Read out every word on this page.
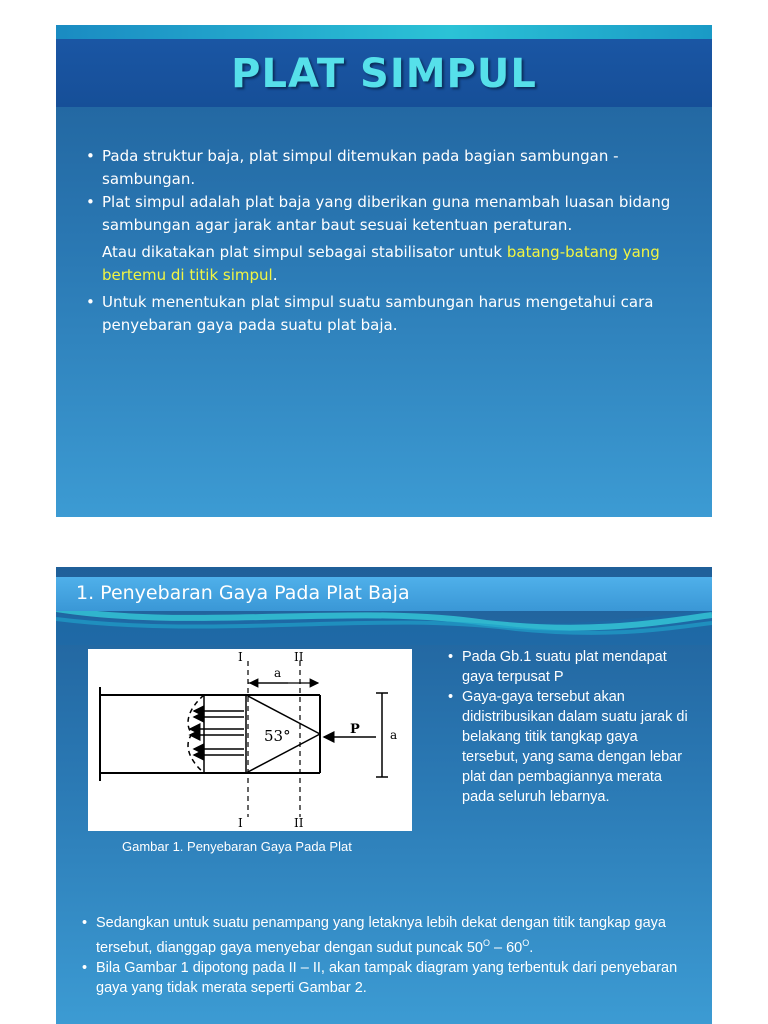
PLAT SIMPUL
• Pada struktur baja, plat simpul ditemukan pada bagian sambungan - sambungan.
• Plat simpul adalah plat baja yang diberikan guna menambah luasan bidang sambungan agar jarak antar baut sesuai ketentuan peraturan.
Atau dikatakan plat simpul sebagai stabilisator untuk batang-batang yang bertemu di titik simpul.
• Untuk menentukan plat simpul suatu sambungan harus mengetahui cara penyebaran gaya pada suatu plat baja.
1. Penyebaran Gaya Pada Plat Baja
I	II
I	II
a
a
53°	P
Gambar 1. Penyebaran Gaya Pada Plat
• Pada Gb.1 suatu plat mendapat gaya terpusat P
• Gaya-gaya tersebut akan didistribusikan dalam suatu jarak di belakang titik tangkap gaya tersebut, yang sama dengan lebar plat dan pembagiannya merata pada seluruh lebarnya.
• Sedangkan untuk suatu penampang yang letaknya lebih dekat dengan titik tangkap gaya tersebut, dianggap gaya menyebar dengan sudut puncak $50^O - 60^O$.
• Bila Gambar 1 dipotong pada II – II, akan tampak diagram yang terbentuk dari penyebaran gaya yang tidak merata seperti Gambar 2.
